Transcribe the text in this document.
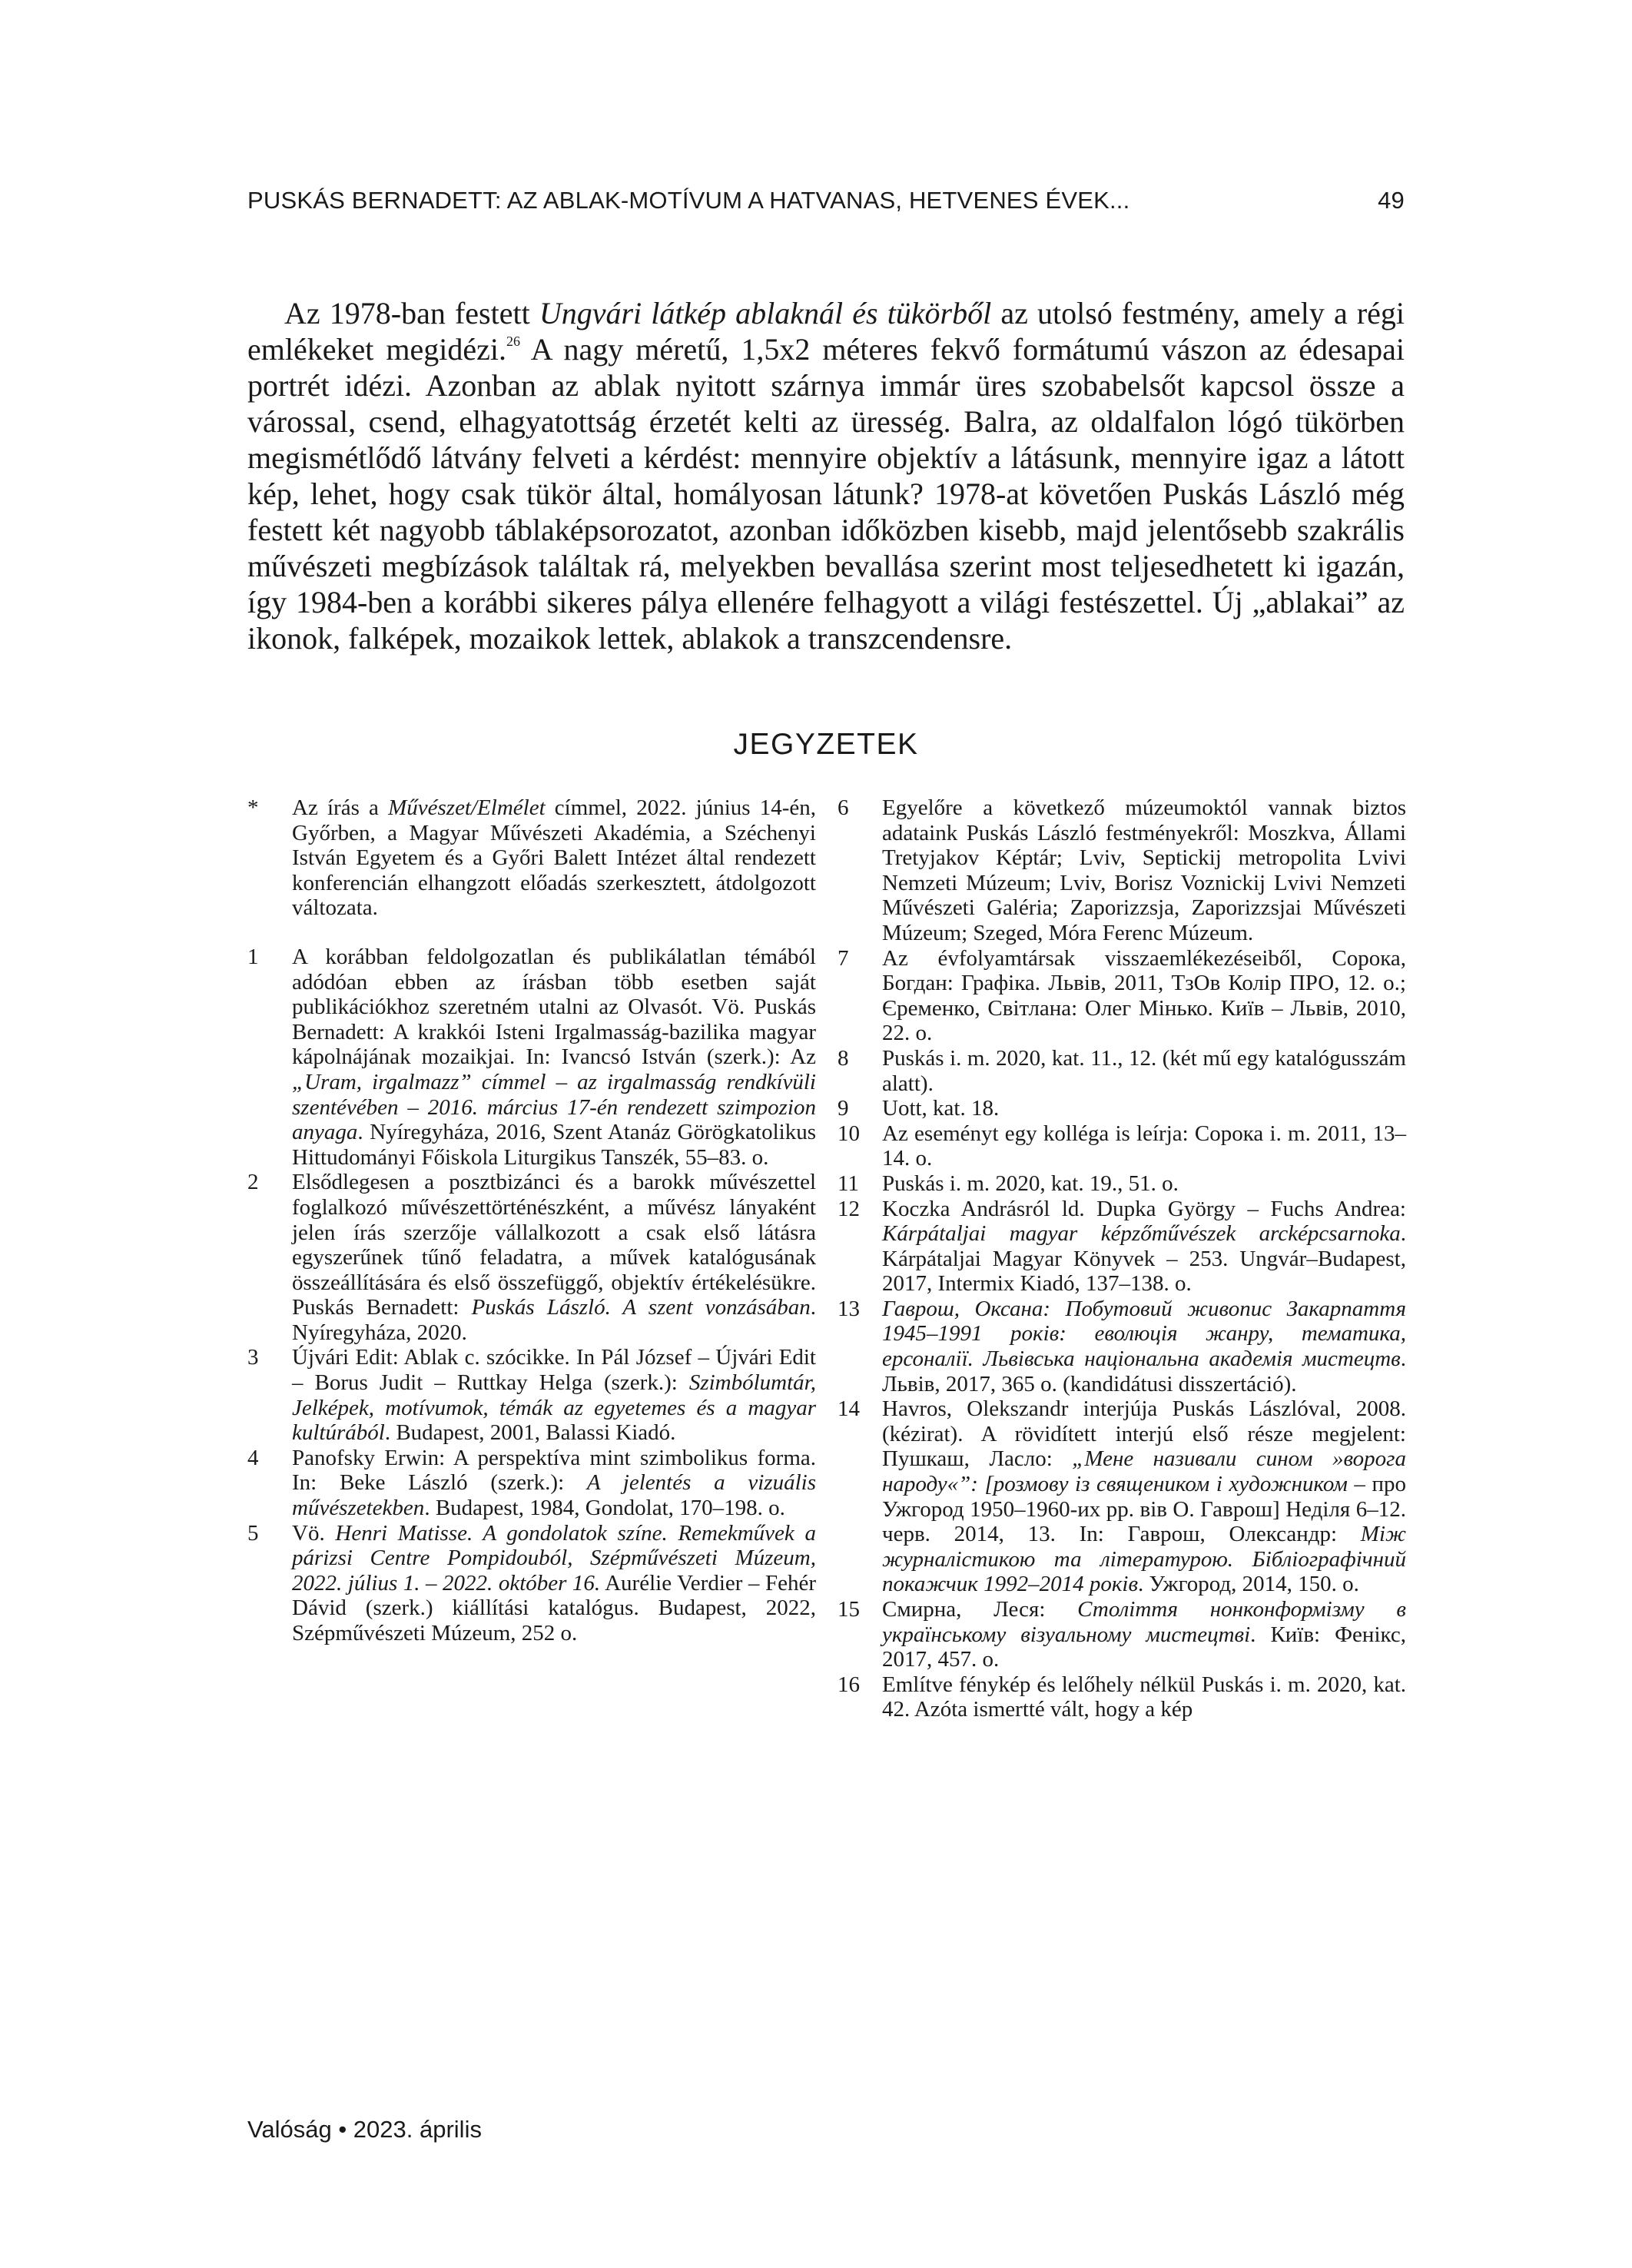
PUSKÁS BERNADETT: AZ ABLAK-MOTÍVUM A HATVANAS, HETVENES ÉVEK...	49

Az 1978-ban festett Ungvári látkép ablaknál és tükörből az utolsó festmény, amely a régi emlékeket megidézi.$^{26}$ A nagy méretű, 1,5x2 méteres fekvő formátumú vászon az édesapai portrét idézi. Azonban az ablak nyitott szárnya immár üres szobabelsőt kapcsol össze a várossal, csend, elhagyatottság érzetét kelti az üresség. Balra, az oldalfalon lógó tükörben megismétlődő látvány felveti a kérdést: mennyire objektív a látásunk, mennyire igaz a látott kép, lehet, hogy csak tükör által, homályosan látunk? 1978-at követően Puskás László még festett két nagyobb táblaképsorozatot, azonban időközben kisebb, majd jelentősebb szakrális művészeti megbízások találtak rá, melyekben bevallása szerint most teljesedhetett ki igazán, így 1984-ben a korábbi sikeres pálya ellenére felhagyott a világi festészettel. Új „ablakai” az ikonok, falképek, mozaikok lettek, ablakok a transzcendensre.

JEGYZETEK
*	Az írás a Művészet/Elmélet címmel, 2022. június 14-én, Győrben, a Magyar Művészeti Akadémia, a Széchenyi István Egyetem és a Győri Balett Intézet által rendezett konferencián elhangzott előadás szerkesztett, átdolgozott változata.
1	A korábban feldolgozatlan és publikálatlan témából adódóan ebben az írásban több esetben saját publikációkhoz szeretném utalni az Olvasót. Vö. Puskás Bernadett: A krakkói Isteni Irgalmasság-bazilika magyar kápolnájának mozaikjai. In: Ivancsó István (szerk.): Az „Uram, irgalmazz” címmel – az irgalmasság rendkívüli szentévében – 2016. március 17-én rendezett szimpozion anyaga. Nyíregyháza, 2016, Szent Atanáz Görögkatolikus Hittudományi Főiskola Liturgikus Tanszék, 55–83. o.
2	Elsődlegesen a posztbizánci és a barokk művészettel foglalkozó művészettörténészként, a művész lányaként jelen írás szerzője vállalkozott a csak első látásra egyszerűnek tűnő feladatra, a művek katalógusának összeállítására és első összefüggő, objektív értékelésükre. Puskás Bernadett: Puskás László. A szent vonzásában. Nyíregyháza, 2020.
3	Újvári Edit: Ablak c. szócikke. In Pál József – Újvári Edit – Borus Judit – Ruttkay Helga (szerk.): Szimbólumtár, Jelképek, motívumok, témák az egyetemes és a magyar kultúrából. Budapest, 2001, Balassi Kiadó.
4	Panofsky Erwin: A perspektíva mint szimbolikus forma. In: Beke László (szerk.): A jelentés a vizuális művészetekben. Budapest, 1984, Gondolat, 170–198. o.
5	Vö. Henri Matisse. A gondolatok színe. Remekművek a párizsi Centre Pompidouból, Szépművészeti Múzeum, 2022. július 1. – 2022. október 16. Aurélie Verdier – Fehér Dávid (szerk.) kiállítási katalógus. Budapest, 2022, Szépművészeti Múzeum, 252 o.
6	Egyelőre a következő múzeumoktól vannak biztos adataink Puskás László festményekről: Moszkva, Állami Tretyjakov Képtár; Lviv, Septickij metropolita Lvivi Nemzeti Múzeum; Lviv, Borisz Voznickij Lvivi Nemzeti Művészeti Galéria; Zaporizzsja, Zaporizzsjai Művészeti Múzeum; Szeged, Móra Ferenc Múzeum.
7	Az évfolyamtársak visszaemlékezéseiből, Сорока, Богдан: Графіка. Львів, 2011, ТзОв Колір ПРО, 12. о.; Єременко, Світлана: Олег Мінько. Київ – Львів, 2010, 22. о.
8	Puskás i. m. 2020, kat. 11., 12. (két mű egy katalógusszám alatt).
9	Uott, kat. 18.
10	Az eseményt egy kolléga is leírja: Сорока i. m. 2011, 13–14. o.
11	Puskás i. m. 2020, kat. 19., 51. o.
12	Koczka Andrásról ld. Dupka György – Fuchs Andrea: Kárpátaljai magyar képzőművészek arcképcsarnoka. Kárpátaljai Magyar Könyvek – 253. Ungvár–Budapest, 2017, Intermix Kiadó, 137–138. o.
13	Гаврош, Оксана: Побутовий живопис Закарпаття 1945–1991 років: еволюція жанру, тематика, ерсоналії. Львівська національна академія мистецтв. Львів, 2017, 365 о. (kandidátusi disszertáció).
14	Havros, Olekszandr interjúja Puskás Lászlóval, 2008. (kézirat). A rövidített interjú első része megjelent: Пушкаш, Ласло: „Мене називали сином »ворога народу«”: [розмову із священиком і художником – про Ужгород 1950–1960-их рр. вів О. Гаврош] Неділя 6–12. черв. 2014, 13. In: Гаврош, Олександр: Між журналістикою та літературою. Бібліографічний покажчик 1992–2014 років. Ужгород, 2014, 150. о.
15	Смирна, Леся: Століття нонконформізму в українському візуальному мистецтві. Київ: Фенікс, 2017, 457. о.
16	Említve fénykép és lelőhely nélkül Puskás i. m. 2020, kat. 42. Azóta ismertté vált, hogy a kép
Valóság • 2023. április
